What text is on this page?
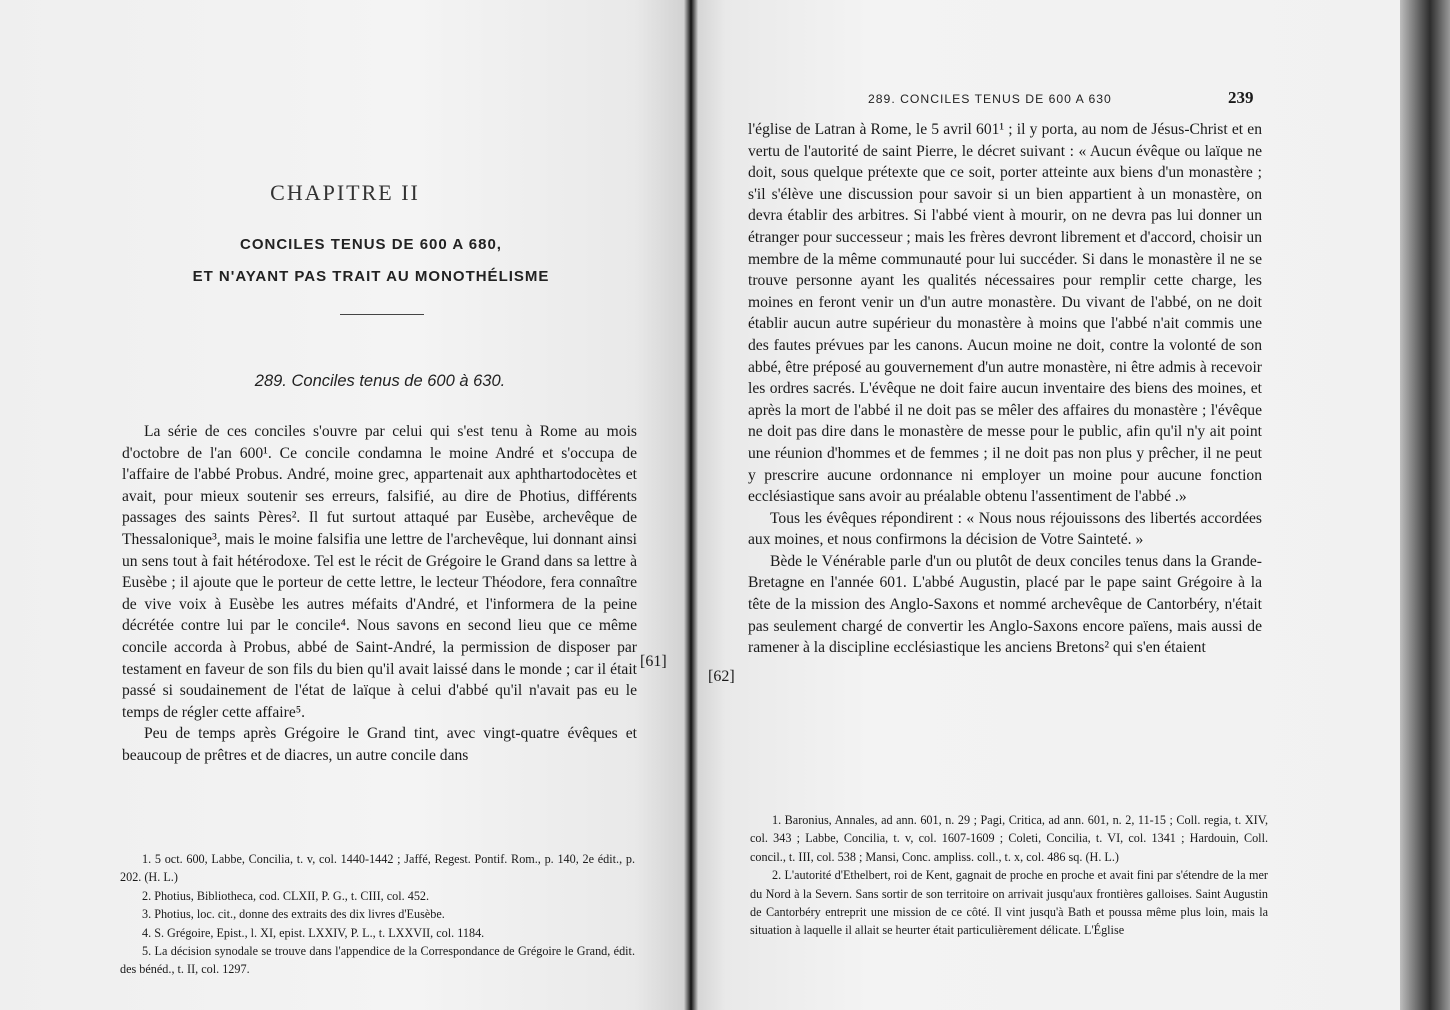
CHAPITRE II
CONCILES TENUS DE 600 A 680,
ET N'AYANT PAS TRAIT AU MONOTHÉLISME
289. Conciles tenus de 600 à 630.

La série de ces conciles s'ouvre par celui qui s'est tenu à Rome au mois d'octobre de l'an 600¹. Ce concile condamna le moine André et s'occupa de l'affaire de l'abbé Probus. André, moine grec, appartenait aux aphthartodocètes et avait, pour mieux soutenir ses erreurs, falsifié, au dire de Photius, différents passages des saints Pères². Il fut surtout attaqué par Eusèbe, archevêque de Thessalonique³, mais le moine falsifia une lettre de l'archevêque, lui donnant ainsi un sens tout à fait hétérodoxe. Tel est le récit de Grégoire le Grand dans sa lettre à Eusèbe ; il ajoute que le porteur de cette lettre, le lecteur Théodore, fera connaître de vive voix à Eusèbe les autres méfaits d'André, et l'informera de la peine décrétée contre lui par le concile⁴. Nous savons en second lieu que ce même concile accorda à Probus, abbé de Saint-André, la permission de disposer par testament en faveur de son fils du bien qu'il avait laissé dans le monde ; car il était passé si soudainement de l'état de laïque à celui d'abbé qu'il n'avait pas eu le temps de régler cette affaire⁵.

Peu de temps après Grégoire le Grand tint, avec vingt-quatre évêques et beaucoup de prêtres et de diacres, un autre concile dans

[61]

1. 5 oct. 600, Labbe, Concilia, t. v, col. 1440-1442 ; Jaffé, Regest. Pontif. Rom., p. 140, 2e édit., p. 202. (H. L.)

2. Photius, Bibliotheca, cod. CLXII, P. G., t. CIII, col. 452.

3. Photius, loc. cit., donne des extraits des dix livres d'Eusèbe.

4. S. Grégoire, Epist., l. XI, epist. LXXIV, P. L., t. LXXVII, col. 1184.

5. La décision synodale se trouve dans l'appendice de la Correspondance de Grégoire le Grand, édit. des bénéd., t. II, col. 1297.

289. CONCILES TENUS DE 600 A 630	239

l'église de Latran à Rome, le 5 avril 601¹ ; il y porta, au nom de Jésus-Christ et en vertu de l'autorité de saint Pierre, le décret suivant : « Aucun évêque ou laïque ne doit, sous quelque prétexte que ce soit, porter atteinte aux biens d'un monastère ; s'il s'élève une discussion pour savoir si un bien appartient à un monastère, on devra établir des arbitres. Si l'abbé vient à mourir, on ne devra pas lui donner un étranger pour successeur ; mais les frères devront librement et d'accord, choisir un membre de la même communauté pour lui succéder. Si dans le monastère il ne se trouve personne ayant les qualités nécessaires pour remplir cette charge, les moines en feront venir un d'un autre monastère. Du vivant de l'abbé, on ne doit établir aucun autre supérieur du monastère à moins que l'abbé n'ait commis une des fautes prévues par les canons. Aucun moine ne doit, contre la volonté de son abbé, être préposé au gouvernement d'un autre monastère, ni être admis à recevoir les ordres sacrés. L'évêque ne doit faire aucun inventaire des biens des moines, et après la mort de l'abbé il ne doit pas se mêler des affaires du monastère ; l'évêque ne doit pas dire dans le monastère de messe pour le public, afin qu'il n'y ait point une réunion d'hommes et de femmes ; il ne doit pas non plus y prêcher, il ne peut y prescrire aucune ordonnance ni employer un moine pour aucune fonction ecclésiastique sans avoir au préalable obtenu l'assentiment de l'abbé .»

Tous les évêques répondirent : « Nous nous réjouissons des libertés accordées aux moines, et nous confirmons la décision de Votre Sainteté. »

Bède le Vénérable parle d'un ou plutôt de deux conciles tenus dans la Grande-Bretagne en l'année 601. L'abbé Augustin, placé par le pape saint Grégoire à la tête de la mission des Anglo-Saxons et nommé archevêque de Cantorbéry, n'était pas seulement chargé de convertir les Anglo-Saxons encore païens, mais aussi de ramener à la discipline ecclésiastique les anciens Bretons² qui s'en étaient

[62]

1. Baronius, Annales, ad ann. 601, n. 29 ; Pagi, Critica, ad ann. 601, n. 2, 11-15 ; Coll. regia, t. XIV, col. 343 ; Labbe, Concilia, t. v, col. 1607-1609 ; Coleti, Concilia, t. VI, col. 1341 ; Hardouin, Coll. concil., t. III, col. 538 ; Mansi, Conc. ampliss. coll., t. x, col. 486 sq. (H. L.)

2. L'autorité d'Ethelbert, roi de Kent, gagnait de proche en proche et avait fini par s'étendre de la mer du Nord à la Severn. Sans sortir de son territoire on arrivait jusqu'aux frontières galloises. Saint Augustin de Cantorbéry entreprit une mission de ce côté. Il vint jusqu'à Bath et poussa même plus loin, mais la situation à laquelle il allait se heurter était particulièrement délicate. L'Église
